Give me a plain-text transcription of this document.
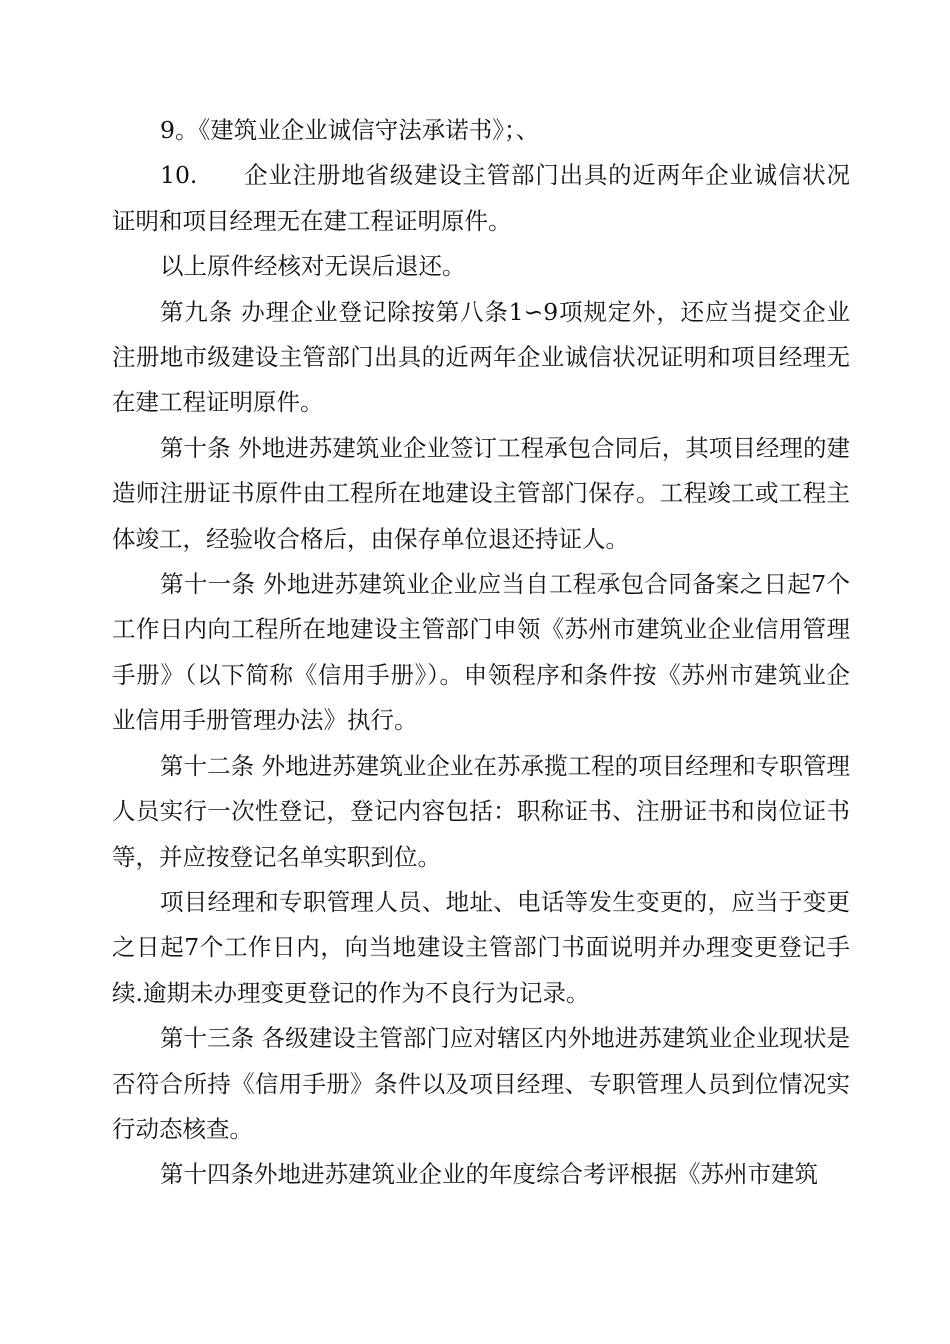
9。《建筑业企业诚信守法承诺书》；、

10. 企业注册地省级建设主管部门出具的近两年企业诚信状况证明和项目经理无在建工程证明原件。

以上原件经核对无误后退还。

第九条 办理企业登记除按第八条1∽9项规定外，还应当提交企业注册地市级建设主管部门出具的近两年企业诚信状况证明和项目经理无在建工程证明原件。

第十条 外地进苏建筑业企业签订工程承包合同后，其项目经理的建造师注册证书原件由工程所在地建设主管部门保存。工程竣工或工程主体竣工，经验收合格后，由保存单位退还持证人。

第十一条 外地进苏建筑业企业应当自工程承包合同备案之日起7个工作日内向工程所在地建设主管部门申领《苏州市建筑业企业信用管理手册》（以下简称《信用手册》）。申领程序和条件按《苏州市建筑业企业信用手册管理办法》执行。

第十二条 外地进苏建筑业企业在苏承揽工程的项目经理和专职管理人员实行一次性登记，登记内容包括：职称证书、注册证书和岗位证书等，并应按登记名单实职到位。

项目经理和专职管理人员、地址、电话等发生变更的，应当于变更之日起7个工作日内，向当地建设主管部门书面说明并办理变更登记手续.逾期未办理变更登记的作为不良行为记录。

第十三条 各级建设主管部门应对辖区内外地进苏建筑业企业现状是否符合所持《信用手册》条件以及项目经理、专职管理人员到位情况实行动态核查。

第十四条外地进苏建筑业企业的年度综合考评根据《苏州市建筑
